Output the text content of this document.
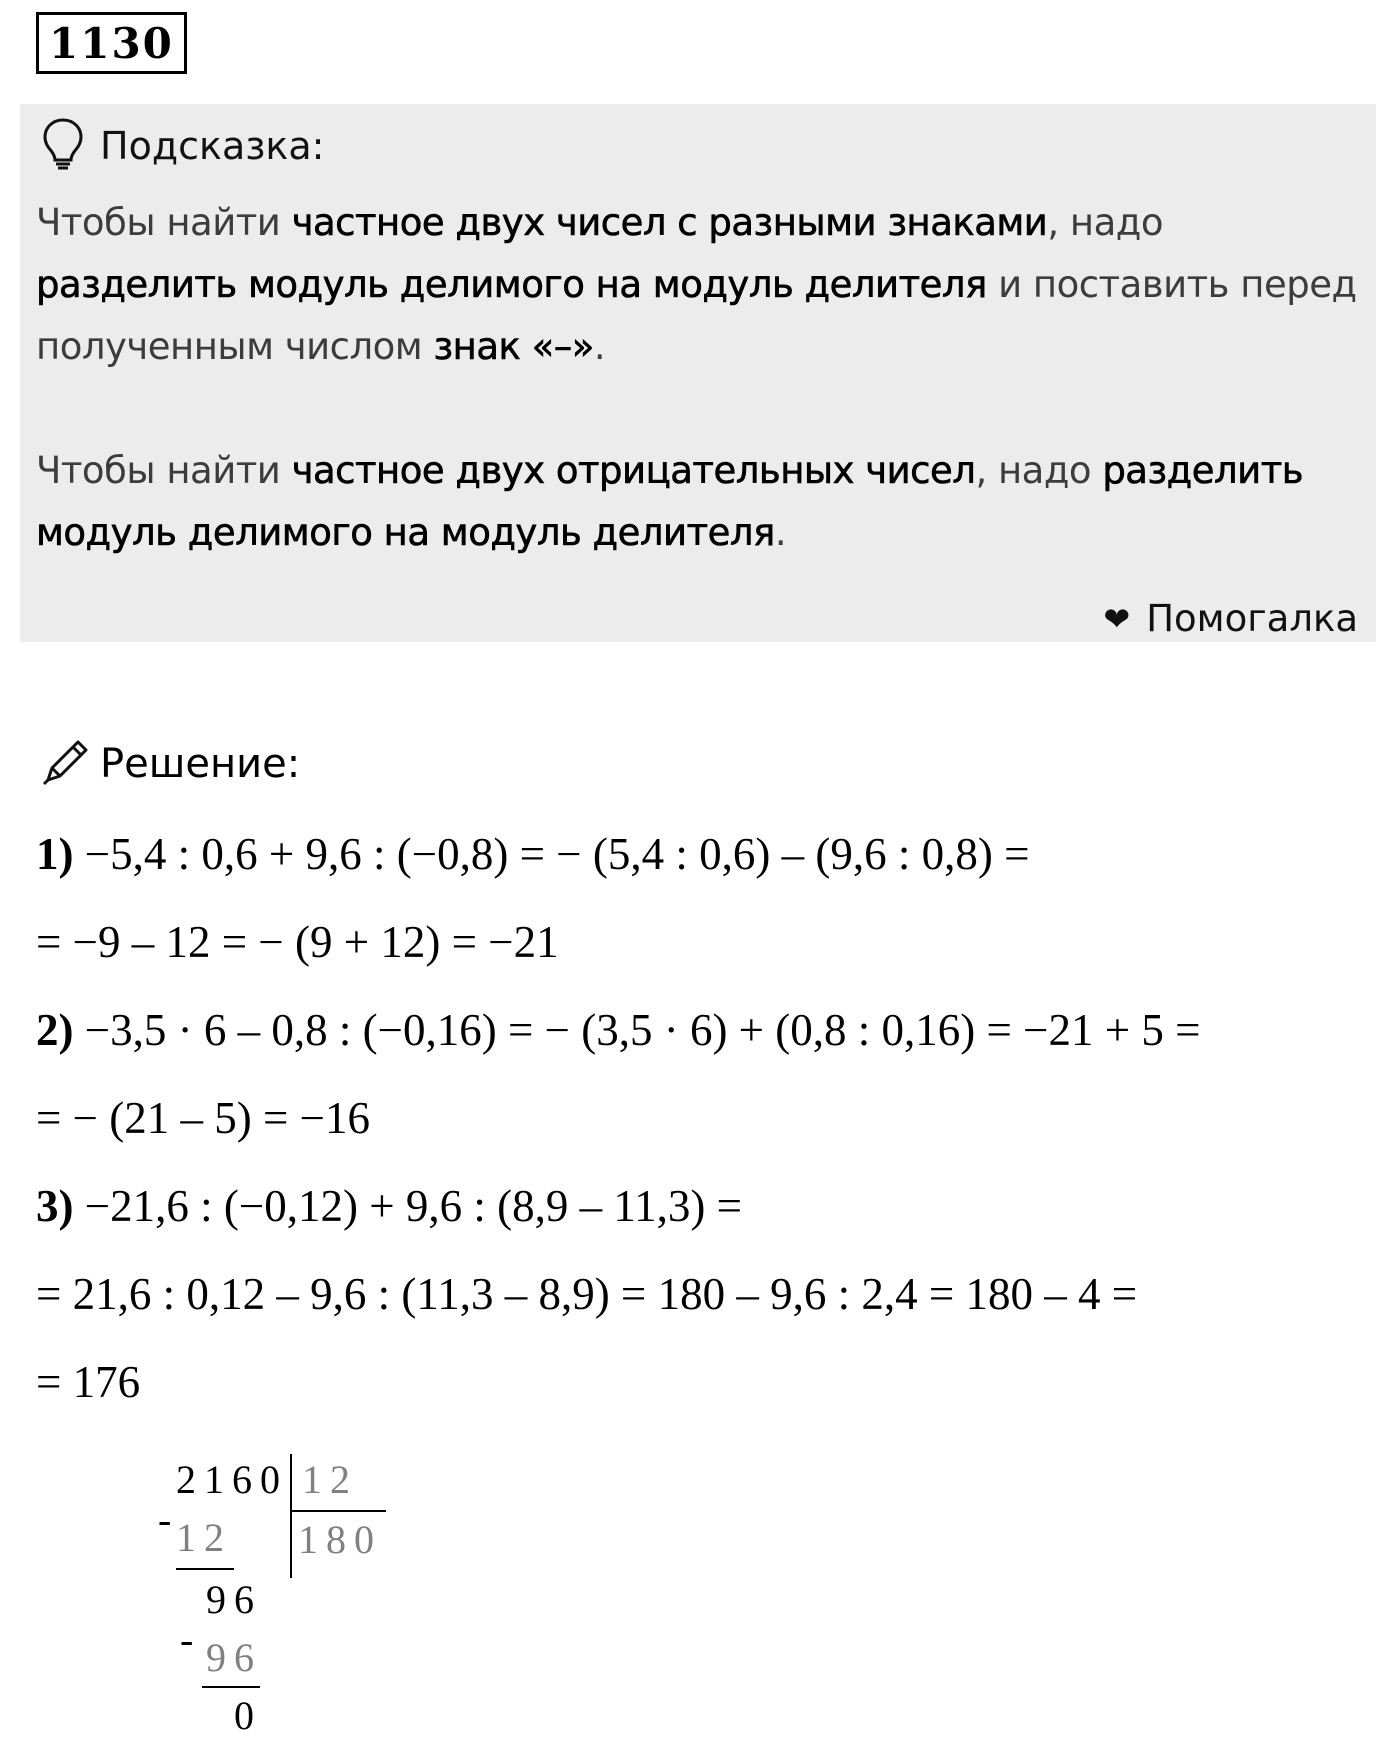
1130
Подсказка:
Чтобы найти частное двух чисел с разными знаками, надо разделить модуль делимого на модуль делителя и поставить перед полученным числом знак «–».
Чтобы найти частное двух отрицательных чисел, надо разделить модуль делимого на модуль делителя.
❤ Помогалка
Решение:
1) −5,4 : 0,6 + 9,6 : (−0,8) = − (5,4 : 0,6) – (9,6 : 0,8) =
= −9 – 12 = − (9 + 12) = −21
2) −3,5 · 6 – 0,8 : (−0,16) = − (3,5 · 6) + (0,8 : 0,16) = −21 + 5 =
= − (21 – 5) = −16
3) −21,6 : (−0,12) + 9,6 : (8,9 – 11,3) =
= 21,6 : 0,12 – 9,6 : (11,3 – 8,9) = 180 – 9,6 : 2,4 = 180 – 4 =
= 176
2160 12
180
-
12
96
- 96
0
